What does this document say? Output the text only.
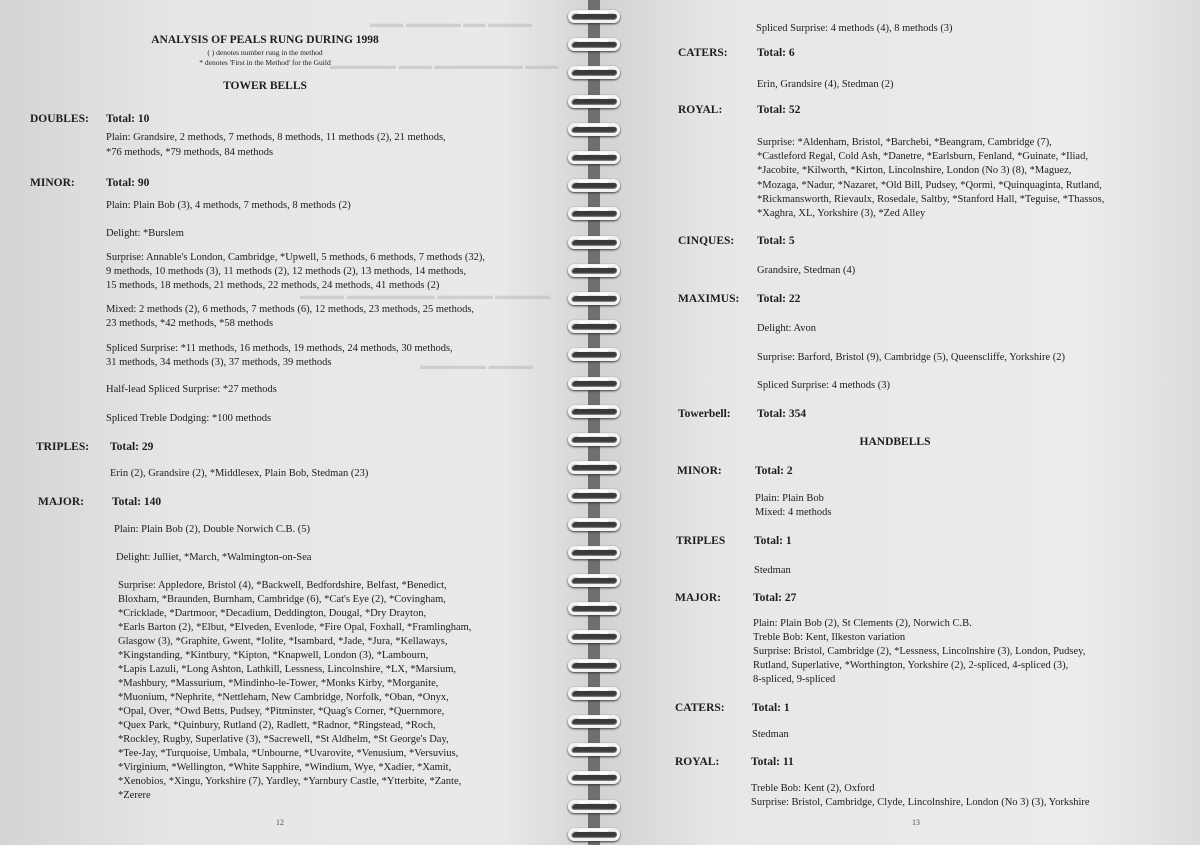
▬▬▬ ▬▬▬▬▬ ▬▬ ▬▬▬▬
▬▬▬▬▬▬ ▬▬▬ ▬▬▬▬▬▬▬▬ ▬▬▬
▬▬▬▬ ▬▬▬▬▬▬▬▬ ▬▬▬▬▬ ▬▬▬▬▬
▬▬▬▬▬▬ ▬▬▬▬
ANALYSIS OF PEALS RUNG DURING 1998
( ) denotes number rung in the method
* denotes 'First in the Method' for the Guild
TOWER BELLS
DOUBLES: Total: 10
Plain: Grandsire, 2 methods, 7 methods, 8 methods, 11 methods (2), 21 methods,
*76 methods, *79 methods, 84 methods
MINOR:	Total: 90
Plain: Plain Bob (3), 4 methods, 7 methods, 8 methods (2)
Delight: *Burslem
Surprise: Annable's London, Cambridge, *Upwell, 5 methods, 6 methods, 7 methods (32),
9 methods, 10 methods (3), 11 methods (2), 12 methods (2), 13 methods, 14 methods,
15 methods, 18 methods, 21 methods, 22 methods, 24 methods, 41 methods (2)
Mixed: 2 methods (2), 6 methods, 7 methods (6), 12 methods, 23 methods, 25 methods,
23 methods, *42 methods, *58 methods
Spliced Surprise: *11 methods, 16 methods, 19 methods, 24 methods, 30 methods,
31 methods, 34 methods (3), 37 methods, 39 methods
Half-lead Spliced Surprise: *27 methods
Spliced Treble Dodging: *100 methods
TRIPLES: Total: 29
Erin (2), Grandsire (2), *Middlesex, Plain Bob, Stedman (23)
MAJOR: Total: 140
Plain: Plain Bob (2), Double Norwich C.B. (5)
Delight: Julliet, *March, *Walmington-on-Sea
Surprise: Appledore, Bristol (4), *Backwell, Bedfordshire, Belfast, *Benedict,
Bloxham, *Braunden, Burnham, Cambridge (6), *Cat's Eye (2), *Covingham,
*Cricklade, *Dartmoor, *Decadium, Deddington, Dougal, *Dry Drayton,
*Earls Barton (2), *Elbut, *Elveden, Evenlode, *Fire Opal, Foxhall, *Framlingham,
Glasgow (3), *Graphite, Gwent, *Iolite, *Isambard, *Jade, *Jura, *Kellaways,
*Kingstanding, *Kintbury, *Kipton, *Knapwell, London (3), *Lambourn,
*Lapis Lazuli, *Long Ashton, Lathkill, Lessness, Lincolnshire, *LX, *Marsium,
*Mashbury, *Massurium, *Mindinho-le-Tower, *Monks Kirby, *Morganite,
*Muonium, *Nephrite, *Nettleham, New Cambridge, Norfolk, *Oban, *Onyx,
*Opal, Over, *Owd Betts, Pudsey, *Pitminster, *Quag's Corner, *Quernmore,
*Quex Park, *Quinbury, Rutland (2), Radlett, *Radnor, *Ringstead, *Roch,
*Rockley, Rugby, Superlative (3), *Sacrewell, *St Aldhelm, *St George's Day,
*Tee-Jay, *Turquoise, Umbala, *Unbourne, *Uvarovite, *Venusium, *Versuvius,
*Virginium, *Wellington, *White Sapphire, *Windium, Wye, *Xadier, *Xamit,
*Xenobios, *Xingu, Yorkshire (7), Yardley, *Yarnbury Castle, *Ytterbite, *Zante,
*Zerere
12
Spliced Surprise: 4 methods (4), 8 methods (3)
CATERS:	Total: 6
Erin, Grandsire (4), Stedman (2)
ROYAL:	Total: 52
Surprise: *Aldenham, Bristol, *Barchebi, *Beangram, Cambridge (7),
*Castleford Regal, Cold Ash, *Danetre, *Earlsburn, Fenland, *Guinate, *Iliad,
*Jacobite, *Kilworth, *Kirton, Lincolnshire, London (No 3) (8), *Maguez,
*Mozaga, *Nadur, *Nazaret, *Old Bill, Pudsey, *Qormi, *Quinquaginta, Rutland,
*Rickmansworth, Rievaulx, Rosedale, Saltby, *Stanford Hall, *Teguise, *Thassos,
*Xaghra, XL, Yorkshire (3), *Zed Alley
CINQUES: Total: 5
Grandsire, Stedman (4)
MAXIMUS: Total: 22
Delight: Avon
Surprise: Barford, Bristol (9), Cambridge (5), Queenscliffe, Yorkshire (2)
Spliced Surprise: 4 methods (3)
Towerbell: Total: 354
HANDBELLS
MINOR:	Total: 2
Plain: Plain Bob
Mixed: 4 methods
TRIPLES	Total: 1
Stedman
MAJOR:	Total: 27
Plain: Plain Bob (2), St Clements (2), Norwich C.B.
Treble Bob: Kent, Ilkeston variation
Surprise: Bristol, Cambridge (2), *Lessness, Lincolnshire (3), London, Pudsey,
Rutland, Superlative, *Worthington, Yorkshire (2), 2-spliced, 4-spliced (3),
8-spliced, 9-spliced
CATERS: Total: 1
Stedman
ROYAL:	Total: 11
Treble Bob: Kent (2), Oxford
Surprise: Bristol, Cambridge, Clyde, Lincolnshire, London (No 3) (3), Yorkshire
13
